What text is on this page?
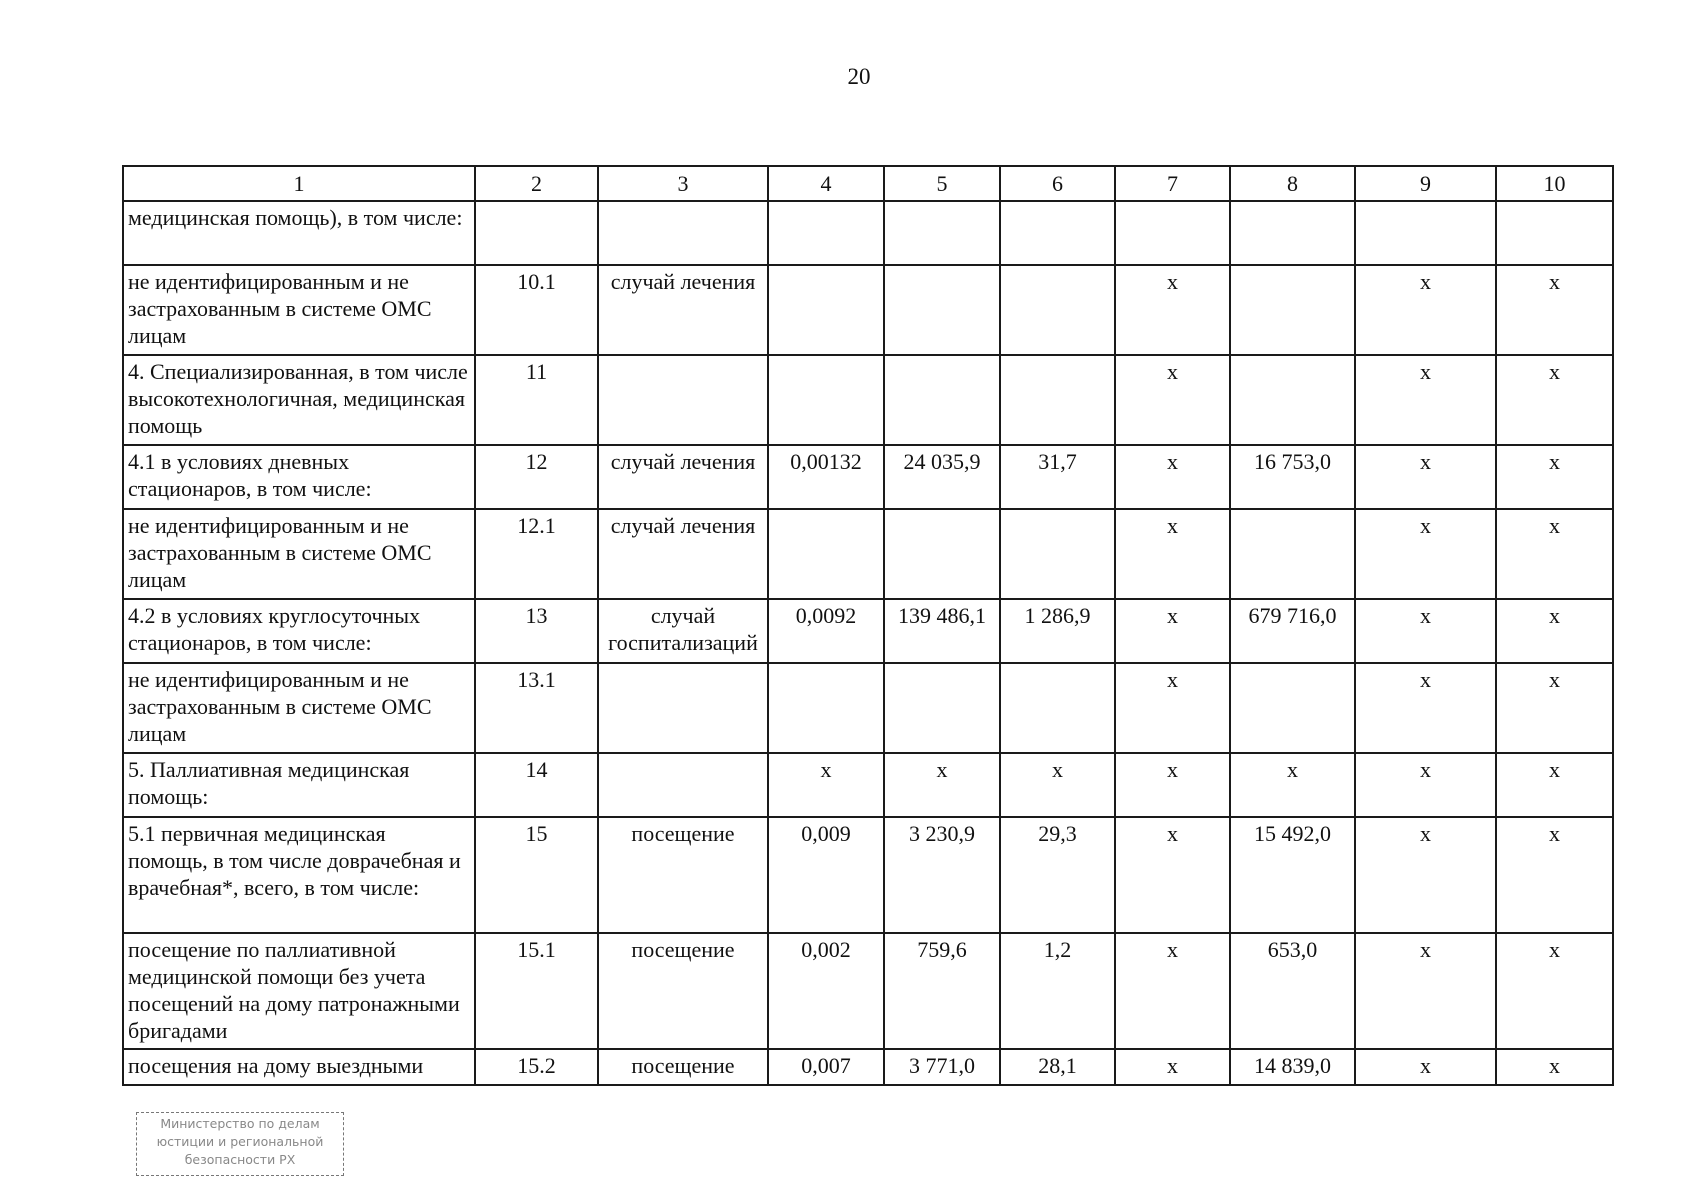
20
1	2	3	4	5	6	7	8	9	10
медицинская помощь), в том числе:									
не идентифицированным и не застрахованным в системе ОМС лицам	10.1	случай лечения				х		х	х
4. Специализированная, в том числе высокотехнологичная, медицинская помощь	11					х		х	х
4.1 в условиях дневных стационаров, в том числе:	12	случай лечения	0,00132	24 035,9	31,7	х	16 753,0	х	х
не идентифицированным и не застрахованным в системе ОМС лицам	12.1	случай лечения				х		х	х
4.2 в условиях круглосуточных стационаров, в том числе:	13	случай госпитализаций	0,0092	139 486,1	1 286,9	х	679 716,0	х	х
не идентифицированным и не застрахованным в системе ОМС лицам	13.1					х		х	х
5. Паллиативная медицинская помощь:	14		х	х	х	х	х	х	х
5.1 первичная медицинская помощь, в том числе доврачебная и врачебная*, всего, в том числе:	15	посещение	0,009	3 230,9	29,3	х	15 492,0	х	х
посещение по паллиативной медицинской помощи без учета посещений на дому патронажными бригадами	15.1	посещение	0,002	759,6	1,2	х	653,0	х	х
посещения на дому выездными	15.2	посещение	0,007	3 771,0	28,1	х	14 839,0	х	х
Министерство по делам
юстиции и региональной
безопасности РХ
